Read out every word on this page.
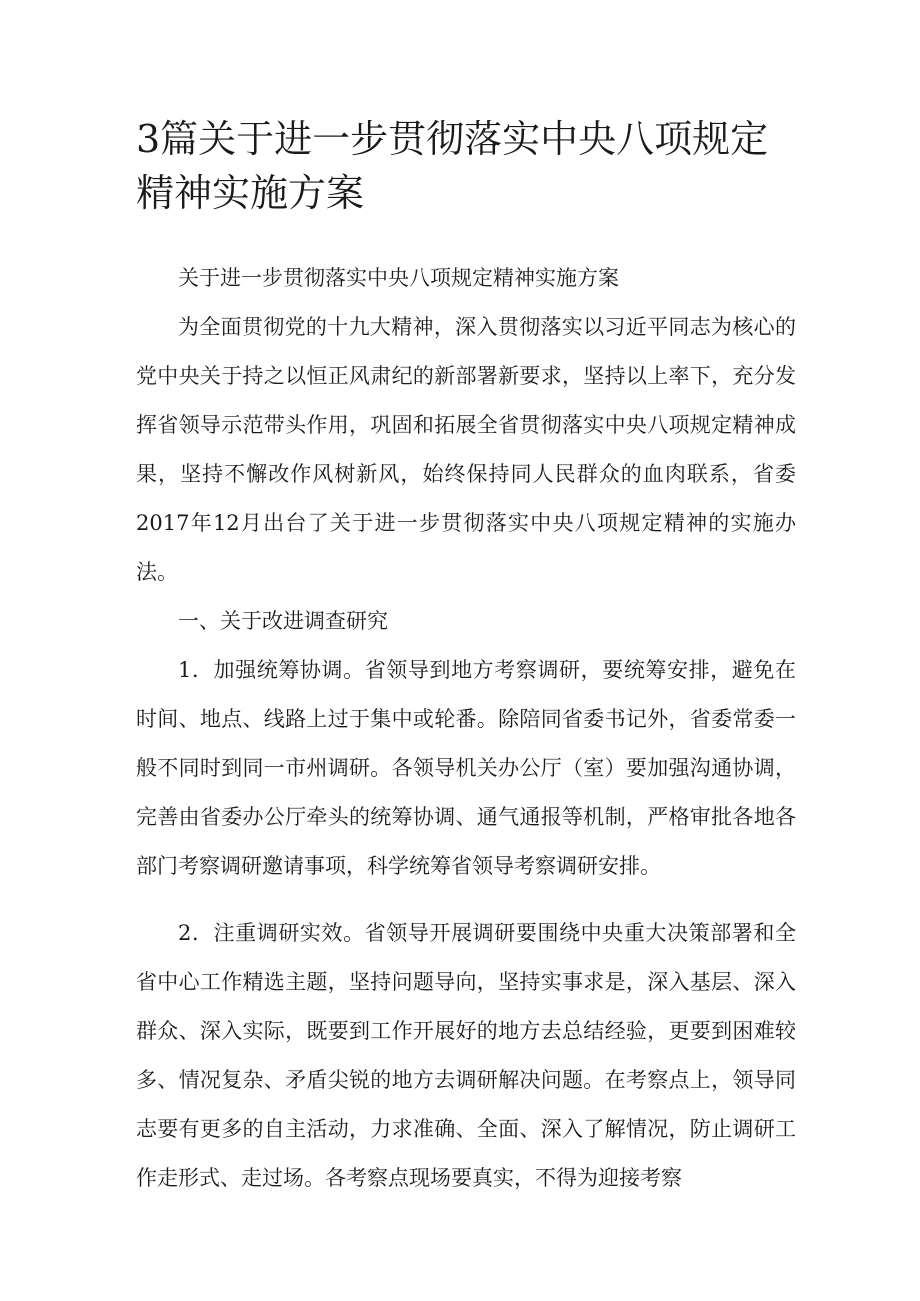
3篇关于进一步贯彻落实中央八项规定精神实施方案

关于进一步贯彻落实中央八项规定精神实施方案

为全面贯彻党的十九大精神，深入贯彻落实以习近平同志为核心的党中央关于持之以恒正风肃纪的新部署新要求，坚持以上率下，充分发挥省领导示范带头作用，巩固和拓展全省贯彻落实中央八项规定精神成果，坚持不懈改作风树新风，始终保持同人民群众的血肉联系，省委2017年12月出台了关于进一步贯彻落实中央八项规定精神的实施办法。

一、关于改进调查研究

1．加强统筹协调。省领导到地方考察调研，要统筹安排，避免在时间、地点、线路上过于集中或轮番。除陪同省委书记外，省委常委一般不同时到同一市州调研。各领导机关办公厅（室）要加强沟通协调，完善由省委办公厅牵头的统筹协调、通气通报等机制，严格审批各地各部门考察调研邀请事项，科学统筹省领导考察调研安排。

2．注重调研实效。省领导开展调研要围绕中央重大决策部署和全省中心工作精选主题，坚持问题导向，坚持实事求是，深入基层、深入群众、深入实际，既要到工作开展好的地方去总结经验，更要到困难较多、情况复杂、矛盾尖锐的地方去调研解决问题。在考察点上，领导同志要有更多的自主活动，力求准确、全面、深入了解情况，防止调研工作走形式、走过场。各考察点现场要真实，不得为迎接考察
